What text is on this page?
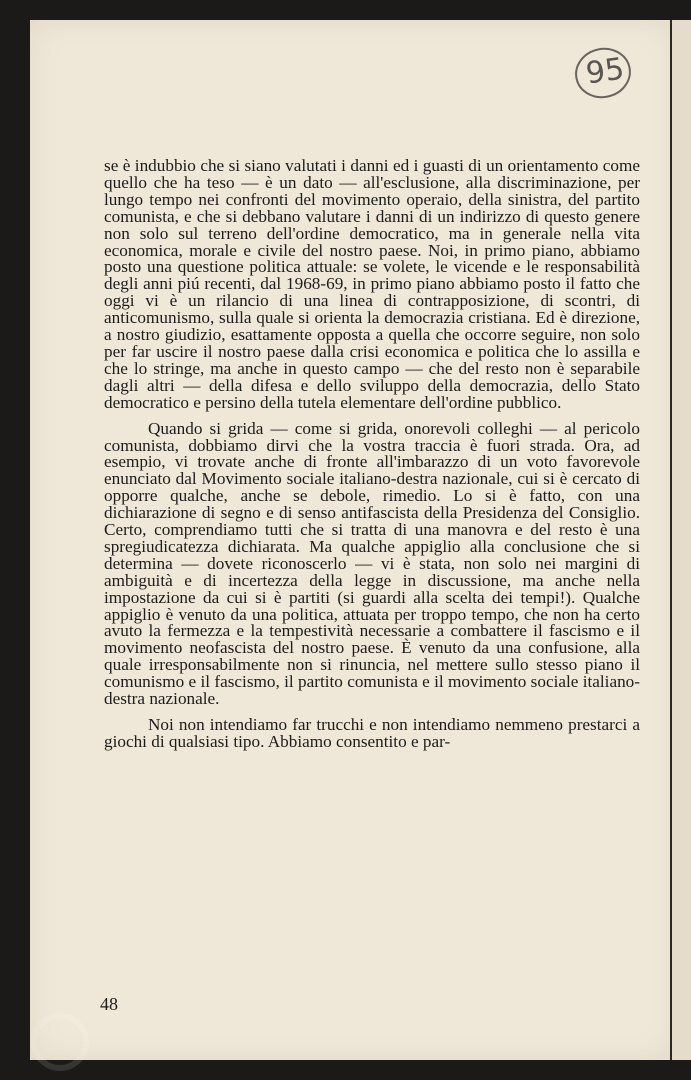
95

se è indubbio che si siano valutati i danni ed i guasti di un orientamento come quello che ha teso — è un dato — all'esclusione, alla discriminazione, per lungo tempo nei confronti del movimento operaio, della sinistra, del partito comunista, e che si debbano valutare i danni di un indirizzo di questo genere non solo sul terreno dell'ordine democratico, ma in generale nella vita economica, morale e civile del nostro paese. Noi, in primo piano, abbiamo posto una questione politica attuale: se volete, le vicende e le responsabilità degli anni piú recenti, dal 1968-69, in primo piano abbiamo posto il fatto che oggi vi è un rilancio di una linea di contrapposizione, di scontri, di anticomunismo, sulla quale si orienta la democrazia cristiana. Ed è direzione, a nostro giudizio, esattamente opposta a quella che occorre seguire, non solo per far uscire il nostro paese dalla crisi economica e politica che lo assilla e che lo stringe, ma anche in questo campo — che del resto non è separabile dagli altri — della difesa e dello sviluppo della democrazia, dello Stato democratico e persino della tutela elementare dell'ordine pubblico.

Quando si grida — come si grida, onorevoli colleghi — al pericolo comunista, dobbiamo dirvi che la vostra traccia è fuori strada. Ora, ad esempio, vi trovate anche di fronte all'imbarazzo di un voto favorevole enunciato dal Movimento sociale italiano-destra nazionale, cui si è cercato di opporre qualche, anche se debole, rimedio. Lo si è fatto, con una dichiarazione di segno e di senso antifascista della Presidenza del Consiglio. Certo, comprendiamo tutti che si tratta di una manovra e del resto è una spregiudicatezza dichiarata. Ma qualche appiglio alla conclusione che si determina — dovete riconoscerlo — vi è stata, non solo nei margini di ambiguità e di incertezza della legge in discussione, ma anche nella impostazione da cui si è partiti (si guardi alla scelta dei tempi!). Qualche appiglio è venuto da una politica, attuata per troppo tempo, che non ha certo avuto la fermezza e la tempestività necessarie a combattere il fascismo e il movimento neofascista del nostro paese. È venuto da una confusione, alla quale irresponsabilmente non si rinuncia, nel mettere sullo stesso piano il comunismo e il fascismo, il partito comunista e il movimento sociale italiano-destra nazionale.

Noi non intendiamo far trucchi e non intendiamo nemmeno prestarci a giochi di qualsiasi tipo. Abbiamo consentito e par-

48
